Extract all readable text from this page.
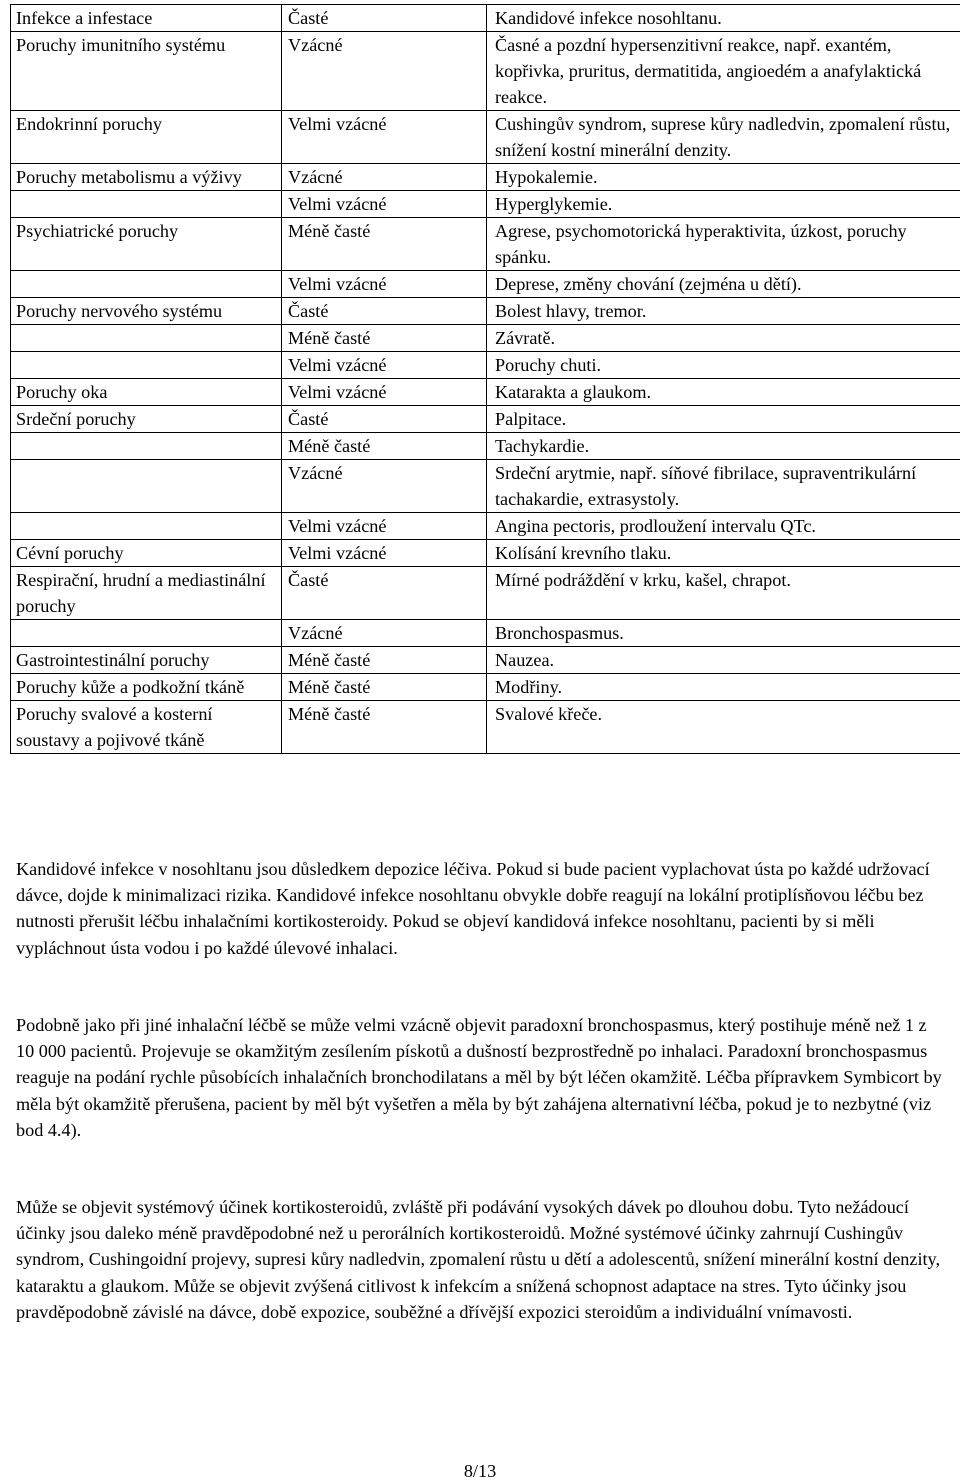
Infekce a infestace	Časté	Kandidové infekce nosohltanu.
Poruchy imunitního systému	Vzácné	Časné a pozdní hypersenzitivní reakce, např. exantém, kopřivka, pruritus, dermatitida, angioedém a anafylaktická reakce.
Endokrinní poruchy	Velmi vzácné	Cushingův syndrom, suprese kůry nadledvin, zpomalení růstu, snížení kostní minerální denzity.
Poruchy metabolismu a výživy	Vzácné	Hypokalemie.
	Velmi vzácné	Hyperglykemie.
Psychiatrické poruchy	Méně časté	Agrese, psychomotorická hyperaktivita, úzkost, poruchy spánku.
	Velmi vzácné	Deprese, změny chování (zejména u dětí).
Poruchy nervového systému	Časté	Bolest hlavy, tremor.
	Méně časté	Závratě.
	Velmi vzácné	Poruchy chuti.
Poruchy oka	Velmi vzácné	Katarakta a glaukom.
Srdeční poruchy	Časté	Palpitace.
	Méně časté	Tachykardie.
	Vzácné	Srdeční arytmie, např. síňové fibrilace, supraventrikulární tachakardie, extrasystoly.
	Velmi vzácné	Angina pectoris, prodloužení intervalu QTc.
Cévní poruchy	Velmi vzácné	Kolísání krevního tlaku.
Respirační, hrudní a mediastinální poruchy	Časté	Mírné podráždění v krku, kašel, chrapot.
	Vzácné	Bronchospasmus.
Gastrointestinální poruchy	Méně časté	Nauzea.
Poruchy kůže a podkožní tkáně	Méně časté	Modřiny.
Poruchy svalové a kosterní soustavy a pojivové tkáně	Méně časté	Svalové křeče.

Kandidové infekce v nosohltanu jsou důsledkem depozice léčiva. Pokud si bude pacient vyplachovat ústa po každé udržovací dávce, dojde k minimalizaci rizika. Kandidové infekce nosohltanu obvykle dobře reagují na lokální protiplísňovou léčbu bez nutnosti přerušit léčbu inhalačními kortikosteroidy. Pokud se objeví kandidová infekce nosohltanu, pacienti by si měli vypláchnout ústa vodou i po každé úlevové inhalaci.

Podobně jako při jiné inhalační léčbě se může velmi vzácně objevit paradoxní bronchospasmus, který postihuje méně než 1 z 10 000 pacientů. Projevuje se okamžitým zesílením pískotů a dušností bezprostředně po inhalaci. Paradoxní bronchospasmus reaguje na podání rychle působících inhalačních bronchodilatans a měl by být léčen okamžitě. Léčba přípravkem Symbicort by měla být okamžitě přerušena, pacient by měl být vyšetřen a měla by být zahájena alternativní léčba, pokud je to nezbytné (viz bod 4.4).

Může se objevit systémový účinek kortikosteroidů, zvláště při podávání vysokých dávek po dlouhou dobu. Tyto nežádoucí účinky jsou daleko méně pravděpodobné než u perorálních kortikosteroidů. Možné systémové účinky zahrnují Cushingův syndrom, Cushingoidní projevy, supresi kůry nadledvin, zpomalení růstu u dětí a adolescentů, snížení minerální kostní denzity, kataraktu a glaukom. Může se objevit zvýšená citlivost k infekcím a snížená schopnost adaptace na stres. Tyto účinky jsou pravděpodobně závislé na dávce, době expozice, souběžné a dřívější expozici steroidům a individuální vnímavosti.

8/13
